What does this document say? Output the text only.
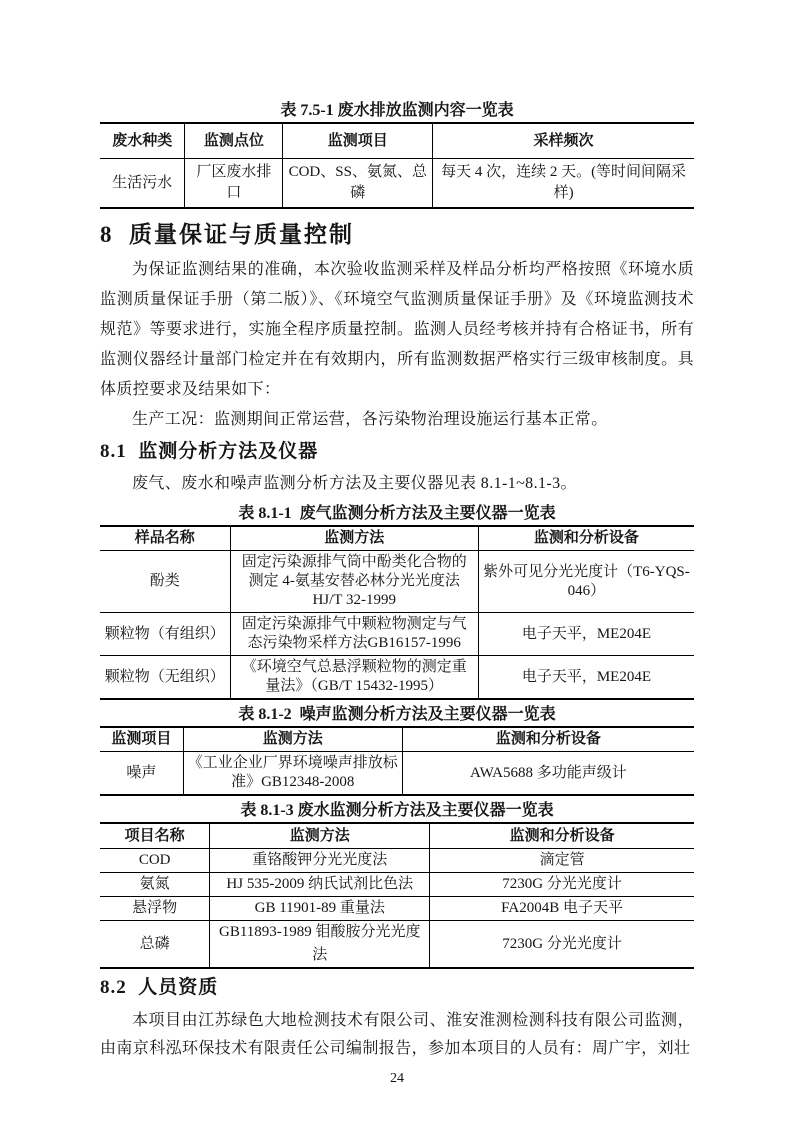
表 7.5-1 废水排放监测内容一览表
废水种类	监测点位	监测项目	采样频次
生活污水	厂区废水排口	COD、SS、氨氮、总磷	每天 4 次，连续 2 天。(等时间间隔采样)
8  质量保证与质量控制

为保证监测结果的准确，本次验收监测采样及样品分析均严格按照《环境水质监测质量保证手册（第二版）》、《环境空气监测质量保证手册》及《环境监测技术规范》等要求进行，实施全程序质量控制。监测人员经考核并持有合格证书，所有监测仪器经计量部门检定并在有效期内，所有监测数据严格实行三级审核制度。具体质控要求及结果如下：

生产工况：监测期间正常运营，各污染物治理设施运行基本正常。

8.1  监测分析方法及仪器

废气、废水和噪声监测分析方法及主要仪器见表 8.1-1~8.1-3。

表 8.1-1  废气监测分析方法及主要仪器一览表
样品名称	监测方法	监测和分析设备
酚类	固定污染源排气筒中酚类化合物的测定 4-氨基安替必林分光光度法 HJ/T 32-1999	紫外可见分光光度计（T6-YQS-046）
颗粒物（有组织）	固定污染源排气中颗粒物测定与气态污染物采样方法GB16157-1996	电子天平，ME204E
颗粒物（无组织）	《环境空气总悬浮颗粒物的测定重量法》（GB/T 15432-1995）	电子天平，ME204E
表 8.1-2  噪声监测分析方法及主要仪器一览表
监测项目	监测方法	监测和分析设备
噪声	《工业企业厂界环境噪声排放标准》GB12348-2008	AWA5688 多功能声级计
表 8.1-3 废水监测分析方法及主要仪器一览表
项目名称	监测方法	监测和分析设备
COD	重铬酸钾分光光度法	滴定管
氨氮	HJ 535-2009 纳氏试剂比色法	7230G 分光光度计
悬浮物	GB 11901-89 重量法	FA2004B 电子天平
总磷	GB11893-1989 钼酸胺分光光度法	7230G 分光光度计
8.2  人员资质

本项目由江苏绿色大地检测技术有限公司、淮安淮测检测科技有限公司监测，由南京科泓环保技术有限责任公司编制报告，参加本项目的人员有：周广宇，刘壮

24
